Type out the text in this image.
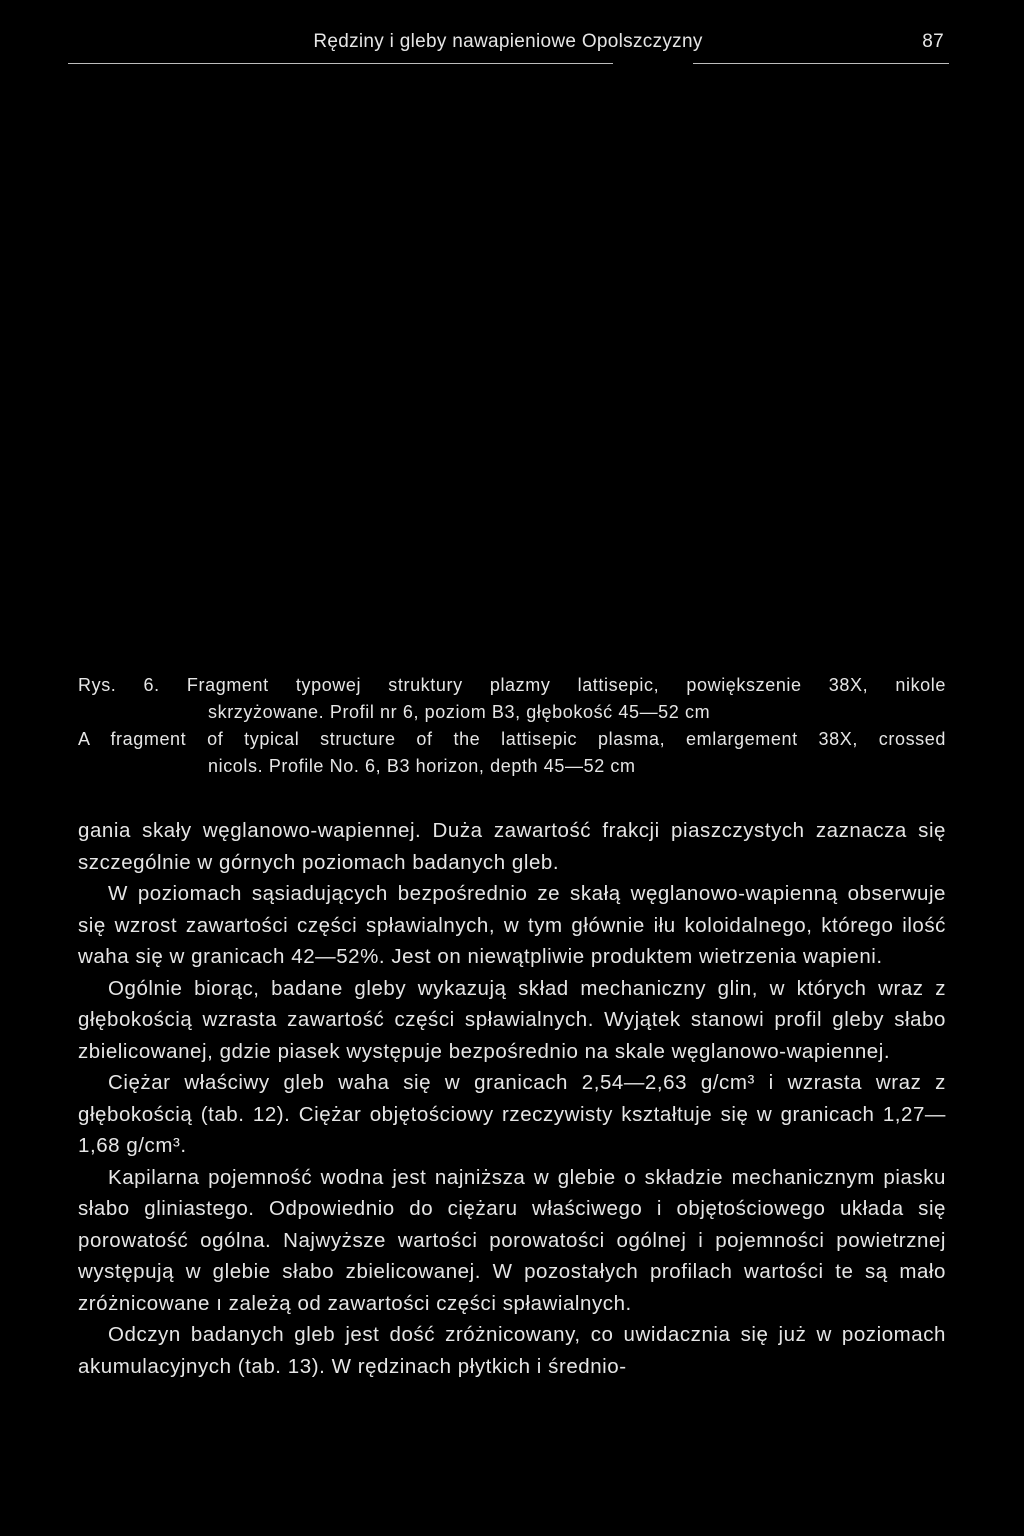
Rędziny i gleby nawapieniowe Opolszczyzny	87
Rys. 6. Fragment typowej struktury plazmy lattisepic, powiększenie 38X, nikole
skrzyżowane. Profil nr 6, poziom B3, głębokość 45—52 cm
A fragment of typical structure of the lattisepic plasma, emlargement 38X, crossed
nicols. Profile No. 6, B3 horizon, depth 45—52 cm

gania skały węglanowo-wapiennej. Duża zawartość frakcji piaszczystych zaznacza się szczególnie w górnych poziomach badanych gleb.

W poziomach sąsiadujących bezpośrednio ze skałą węglanowo-wapienną obserwuje się wzrost zawartości części spławialnych, w tym głównie iłu koloidalnego, którego ilość waha się w granicach 42—52%. Jest on niewątpliwie produktem wietrzenia wapieni.

Ogólnie biorąc, badane gleby wykazują skład mechaniczny glin, w których wraz z głębokością wzrasta zawartość części spławialnych. Wyjątek stanowi profil gleby słabo zbielicowanej, gdzie piasek występuje bezpośrednio na skale węglanowo-wapiennej.

Ciężar właściwy gleb waha się w granicach 2,54—2,63 g/cm³ i wzrasta wraz z głębokością (tab. 12). Ciężar objętościowy rzeczywisty kształtuje się w granicach 1,27—1,68 g/cm³.

Kapilarna pojemność wodna jest najniższa w glebie o składzie mechanicznym piasku słabo gliniastego. Odpowiednio do ciężaru właściwego i objętościowego układa się porowatość ogólna. Najwyższe wartości porowatości ogólnej i pojemności powietrznej występują w glebie słabo zbielicowanej. W pozostałych profilach wartości te są mało zróżnicowane ı zależą od zawartości części spławialnych.

Odczyn badanych gleb jest dość zróżnicowany, co uwidacznia się już w poziomach akumulacyjnych (tab. 13). W rędzinach płytkich i średnio-
